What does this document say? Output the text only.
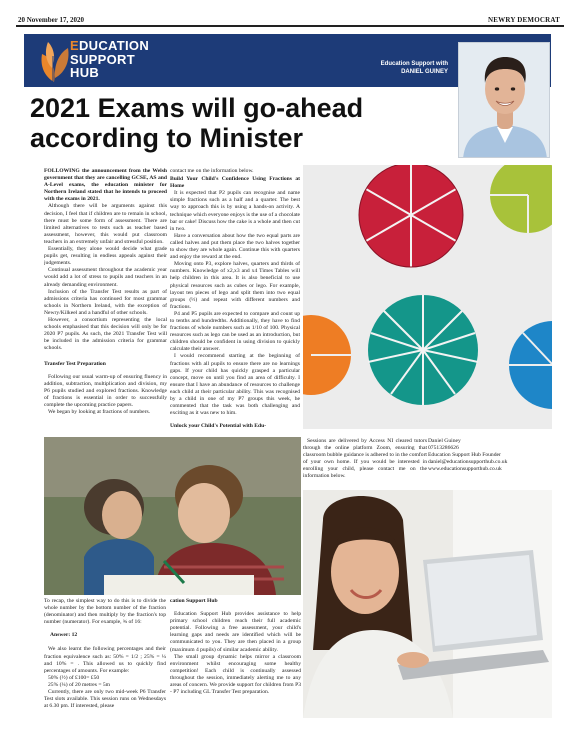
20 November 17, 2020	NEWRY DEMOCRAT
EDUCATION
SUPPORT
HUB
Education Support with
DANIEL GUINEY
2021 Exams will go-ahead according to Minister

FOLLOWING the announcement from the Welsh government that they are cancelling GCSE, AS and A-Level exams, the education minister for Northern Ireland stated that he intends to proceed with the exams in 2021.

Although there will be arguments against this decision, I feel that if children are to remain in school, there must be some form of assessment. There are limited alternatives to tests such as teacher based assessment, however, this would put classroom teachers in an extremely unfair and stressful position.

Essentially, they alone would decide what grade pupils get, resulting in endless appeals against their judgements.

Continual assessment throughout the academic year would add a lot of stress to pupils and teachers in an already demanding environment.

Inclusion of the Transfer Test results as part of admissions criteria has continued for most grammar schools in Northern Ireland, with the exception of Newry/Kilkeel and a handful of other schools.

However, a consortium representing the local schools emphasised that this decision will only be for 2020 P7 pupils. As such, the 2021 Transfer Test will be included in the admission criteria for grammar schools.

Transfer Test Preparation

Following our usual warm-up of ensuring fluency in addition, subtraction, multiplication and division, my P6 pupils studied and explored fractions. Knowledge of fractions is essential in order to successfully complete the upcoming practice papers.

We began by looking at fractions of numbers.

contact me on the information below.

Build Your Child's Confidence Using Fractions at Home

It is expected that P2 pupils can recognise and name simple fractions such as a half and a quarter. The best way to approach this is by using a hands-on activity. A technique which everyone enjoys is the use of a chocolate bar or cake! Discuss how the cake is a whole and then cut in two.

Have a conversation about how the two equal parts are called halves and put them place the two halves together to show they are whole again. Continue this with quarters and enjoy the reward at the end.

Moving onto P3, explore halves, quarters and thirds of numbers. Knowledge of x2,x3 and x4 Times Tables will help children in this area. It is also beneficial to use physical resources such as cubes or lego. For example, layout ten pieces of lego and split them into two equal groups (½) and repeat with different numbers and fractions.

P4 and P5 pupils are expected to compare and count up to tenths and hundredths. Additionally, they have to find fractions of whole numbers such as 1/10 of 100. Physical resources such as lego can be used as an introduction, but children should be confident in using division to quickly calculate their answer.

I would recommend starting at the beginning of fractions with all pupils to ensure there are no learnings gaps. If your child has quickly grasped a particular concept, move on until you find an area of difficulty. I ensure that I have an abundance of resources to challenge each child at their particular ability. This was recognised by a child in one of my P7 groups this week, he commented that the task was both challenging and exciting as it was new to him.

Unlock your Child's Potential with Edu-

To recap, the simplest way to do this is to divide the whole number by the bottom number of the fraction (denominator) and then multiply by the fraction's top number (numerator). For example, ¾ of 16:

Answer: 12

We also learnt the following percentages and their fraction equivalence such as: 50% = 1/2 ; 25% = ¼ and 10% = . This allowed us to quickly find percentages of amounts. For example:

50% (½) of £100= £50

25% (¼) of 20 metres = 5m

Currently, there are only two mid-week P6 Transfer Test slots available. This session runs on Wednesdays at 6.30 pm. If interested, please

cation Support Hub

Education Support Hub provides assistance to help primary school children reach their full academic potential. Following a free assessment, your child's learning gaps and needs are identified which will be communicated to you. They are then placed in a group (maximum 4 pupils) of similar academic ability.

The small group dynamic helps mirror a classroom environment whilst encouraging some healthy competition! Each child is continually assessed throughout the session, immediately alerting me to any areas of concern. We provide support for children from P3 - P7 including GL Transfer Test preparation.

Sessions are delivered by Access NI cleared tutors through the online platform Zoom, ensuring that classroom bubble guidance is adhered to in the comfort of your own home. If you would be interested in enrolling your child, please contact me on the information below.

Daniel Guiney
07513286626
Education Support Hub Founder
daniel@educationsupporthub.co.uk
www.educationsupporthub.co.uk
